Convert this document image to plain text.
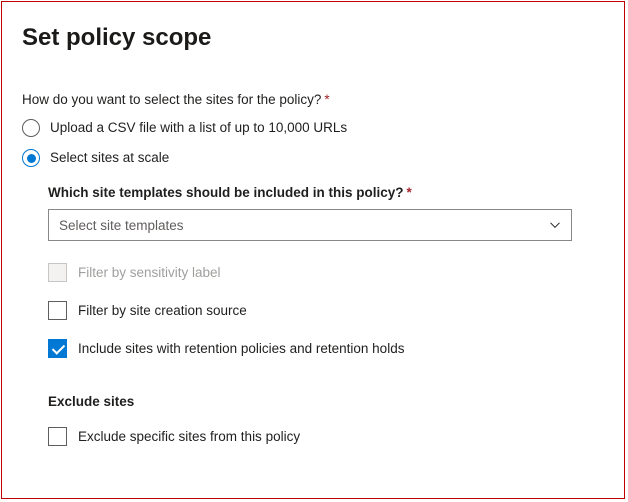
Set policy scope
How do you want to select the sites for the policy? *
Upload a CSV file with a list of up to 10,000 URLs
Select sites at scale
Which site templates should be included in this policy? *
Select site templates
Filter by sensitivity label
Filter by site creation source
Include sites with retention policies and retention holds
Exclude sites
Exclude specific sites from this policy
